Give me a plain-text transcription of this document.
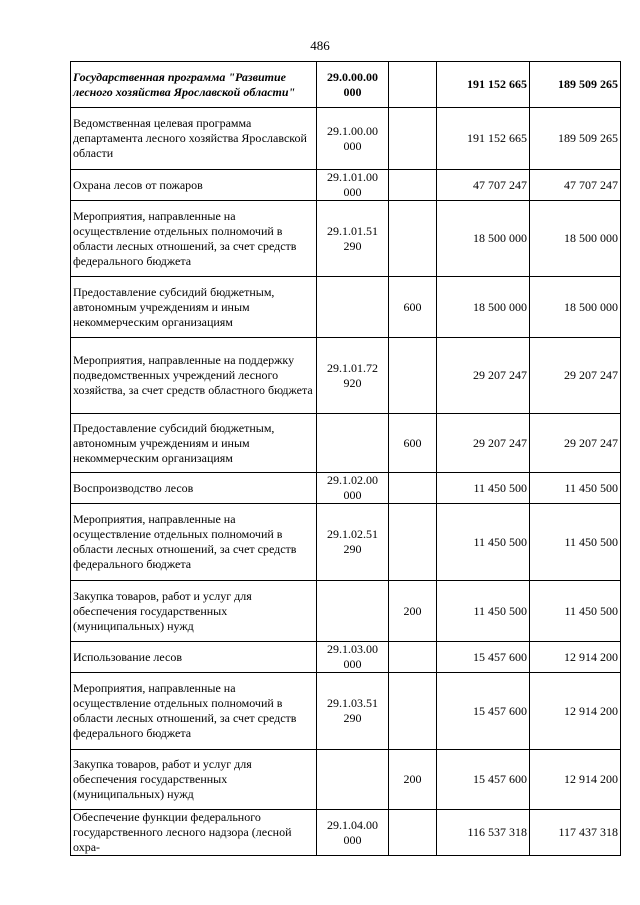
486
Государственная программа "Развитие лесного хозяйства Ярославской области"	29.0.00.00 000		191 152 665	189 509 265
Ведомственная целевая программа департамента лесного хозяйства Ярославской области	29.1.00.00 000		191 152 665	189 509 265
Охрана лесов от пожаров	29.1.01.00 000		47 707 247	47 707 247
Мероприятия, направленные на осуществление отдельных полномочий в области лесных отношений, за счет средств федерального бюджета	29.1.01.51 290		18 500 000	18 500 000
Предоставление субсидий бюджетным, автономным учреждениям и иным некоммерческим организациям		600	18 500 000	18 500 000
Мероприятия, направленные на поддержку подведомственных учреждений лесного хозяйства, за счет средств областного бюджета	29.1.01.72 920		29 207 247	29 207 247
Предоставление субсидий бюджетным, автономным учреждениям и иным некоммерческим организациям		600	29 207 247	29 207 247
Воспроизводство лесов	29.1.02.00 000		11 450 500	11 450 500
Мероприятия, направленные на осуществление отдельных полномочий в области лесных отношений, за счет средств федерального бюджета	29.1.02.51 290		11 450 500	11 450 500
Закупка товаров, работ и услуг для обеспечения государственных (муниципальных) нужд		200	11 450 500	11 450 500
Использование лесов	29.1.03.00 000		15 457 600	12 914 200
Мероприятия, направленные на осуществление отдельных полномочий в области лесных отношений, за счет средств федерального бюджета	29.1.03.51 290		15 457 600	12 914 200
Закупка товаров, работ и услуг для обеспечения государственных (муниципальных) нужд		200	15 457 600	12 914 200
Обеспечение функции федерального государственного лесного надзора (лесной охра-	29.1.04.00 000		116 537 318	117 437 318
